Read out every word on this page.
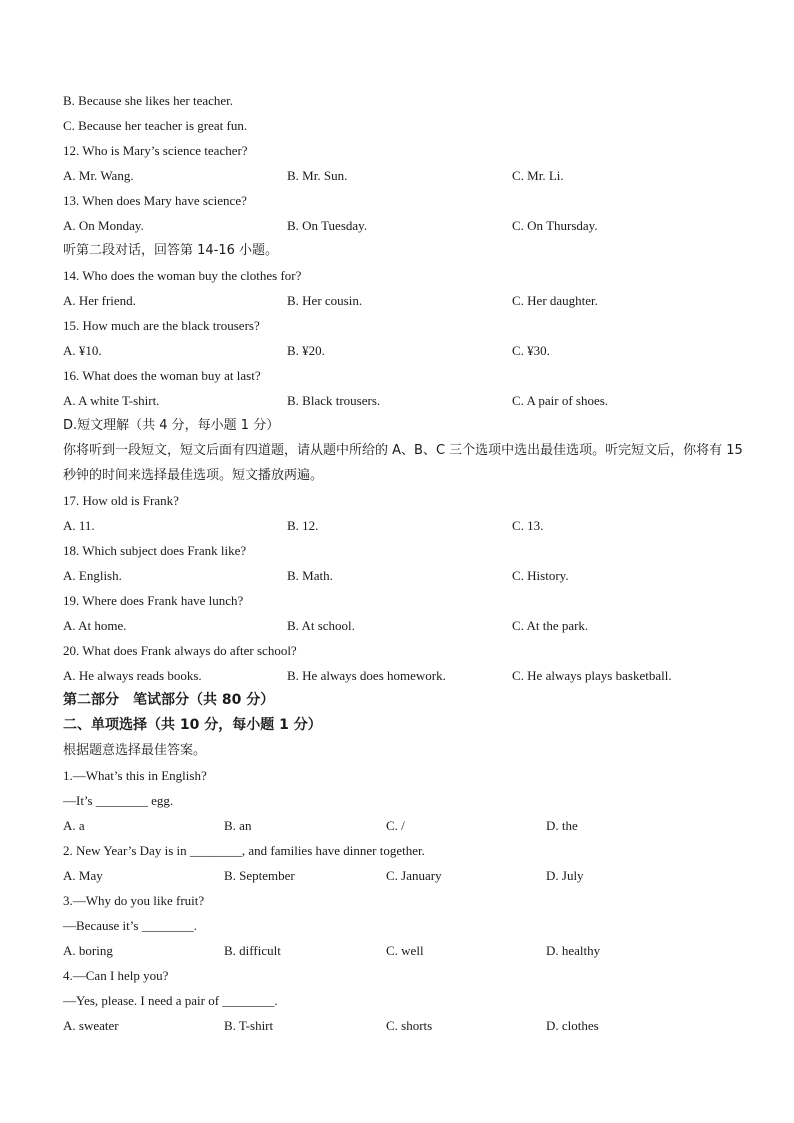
B. Because she likes her teacher.
C. Because her teacher is great fun.
12. Who is Mary’s science teacher?
A. Mr. Wang.	B. Mr. Sun.	C. Mr. Li.
13. When does Mary have science?
A. On Monday.	B. On Tuesday.	C. On Thursday.
听第二段对话，回答第 14-16 小题。
14. Who does the woman buy the clothes for?
A. Her friend.	B. Her cousin.	C. Her daughter.
15. How much are the black trousers?
A. ¥10.	B. ¥20.	C. ¥30.
16. What does the woman buy at last?
A. A white T-shirt.	B. Black trousers.	C. A pair of shoes.
D.短文理解（共 4 分，每小题 1 分）
你将听到一段短文，短文后面有四道题，请从题中所给的 A、B、C 三个选项中选出最佳选项。听完短文后，你将有 15 秒钟的时间来选择最佳选项。短文播放两遍。
17. How old is Frank?
A. 11.	B. 12.	C. 13.
18. Which subject does Frank like?
A. English.	B. Math.	C. History.
19. Where does Frank have lunch?
A. At home.	B. At school.	C. At the park.
20. What does Frank always do after school?
A. He always reads books.	B. He always does homework.	C. He always plays basketball.
第二部分　笔试部分（共 80 分）
二、单项选择（共 10 分，每小题 1 分）
根据题意选择最佳答案。
1.—What’s this in English?
—It’s ________ egg.
A. a	B. an	C. /	D. the
2. New Year’s Day is in ________, and families have dinner together.
A. May	B. September	C. January	D. July
3.—Why do you like fruit?
—Because it’s ________.
A. boring	B. difficult	C. well	D. healthy
4.—Can I help you?
—Yes, please. I need a pair of ________.
A. sweater	B. T-shirt	C. shorts	D. clothes
